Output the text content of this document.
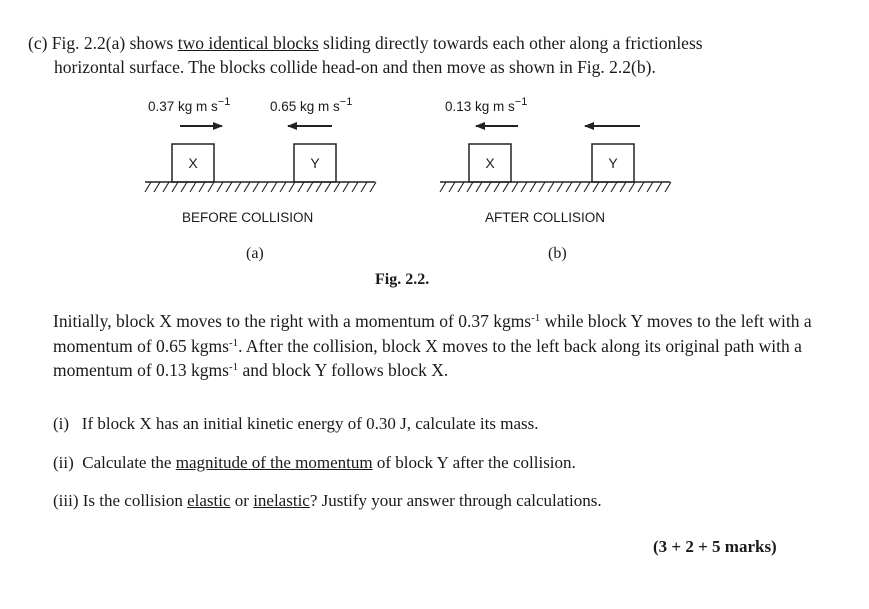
(c) Fig. 2.2(a) shows two identical blocks sliding directly towards each other along a frictionless
horizontal surface. The blocks collide head-on and then move as shown in Fig. 2.2(b).

0.37 kg m $s^{-1}$	0.65 kg m $s^{-1}$	0.13 kg m $s^{-1}$
X	Y	X	Y
BEFORE COLLISION	AFTER COLLISION
(a)	(b)
Fig. 2.2.

Initially, block X moves to the right with a momentum of 0.37 kgms$^{-1}$ while block Y moves to the left with a momentum of 0.65 kgms$^{-1}$. After the collision, block X moves to the left back along its original path with a momentum of 0.13 kgms$^{-1}$ and block Y follows block X.

(i)   If block X has an initial kinetic energy of 0.30 J, calculate its mass.
(ii)  Calculate the magnitude of the momentum of block Y after the collision.
(iii) Is the collision elastic or inelastic? Justify your answer through calculations.
(3 + 2 + 5 marks)
